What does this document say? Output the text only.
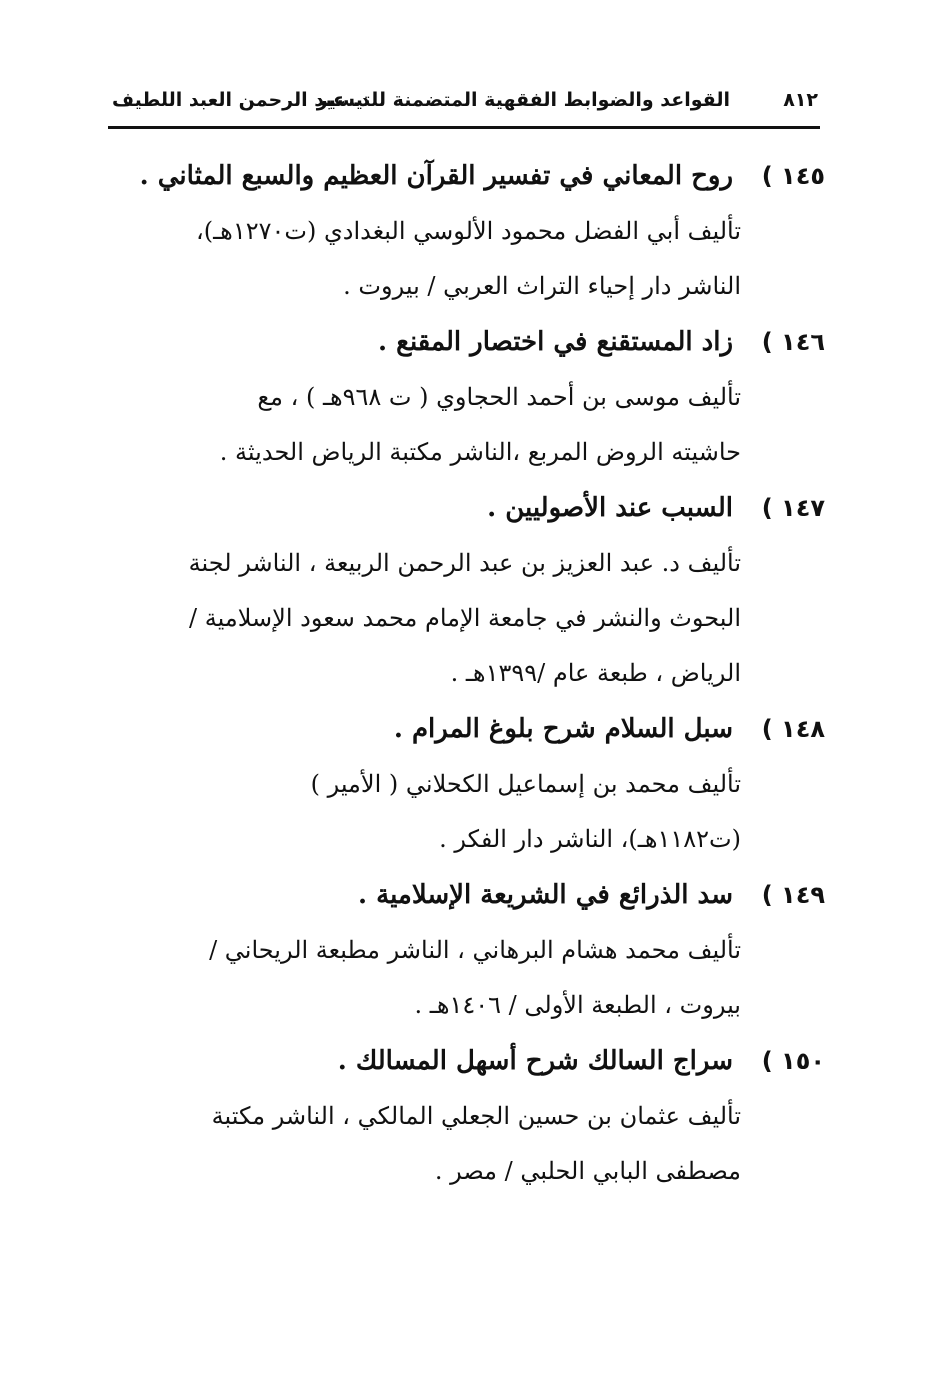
٨١٢
القواعد والضوابط الفقهية المتضمنة للتيسير
د. عبد الرحمن العبد اللطيف
١٤٥ )
روح المعاني في تفسير القرآن العظيم والسبع المثاني .
تأليف أبي الفضل محمود الألوسي البغدادي (ت١٢٧٠هـ)،
الناشر دار إحياء التراث العربي / بيروت .
١٤٦ )
زاد المستقنع في اختصار المقنع .
تأليف موسى بن أحمد الحجاوي ( ت ٩٦٨هـ ) ، مع
حاشيته الروض المربع ،الناشر مكتبة الرياض الحديثة .
١٤٧ )
السبب عند الأصوليين .
تأليف د. عبد العزيز بن عبد الرحمن الربيعة ، الناشر لجنة
البحوث والنشر في جامعة الإمام محمد سعود الإسلامية /
الرياض ، طبعة عام /١٣٩٩هـ .
١٤٨ )
سبل السلام شرح بلوغ المرام .
تأليف محمد بن إسماعيل الكحلاني ( الأمير )
(ت١١٨٢هـ)، الناشر دار الفكر .
١٤٩ )
سد الذرائع في الشريعة الإسلامية .
تأليف محمد هشام البرهاني ، الناشر مطبعة الريحاني /
بيروت ، الطبعة الأولى / ١٤٠٦هـ .
١٥٠ )
سراج السالك شرح أسهل المسالك .
تأليف عثمان بن حسين الجعلي المالكي ، الناشر مكتبة
مصطفى البابي الحلبي / مصر .
